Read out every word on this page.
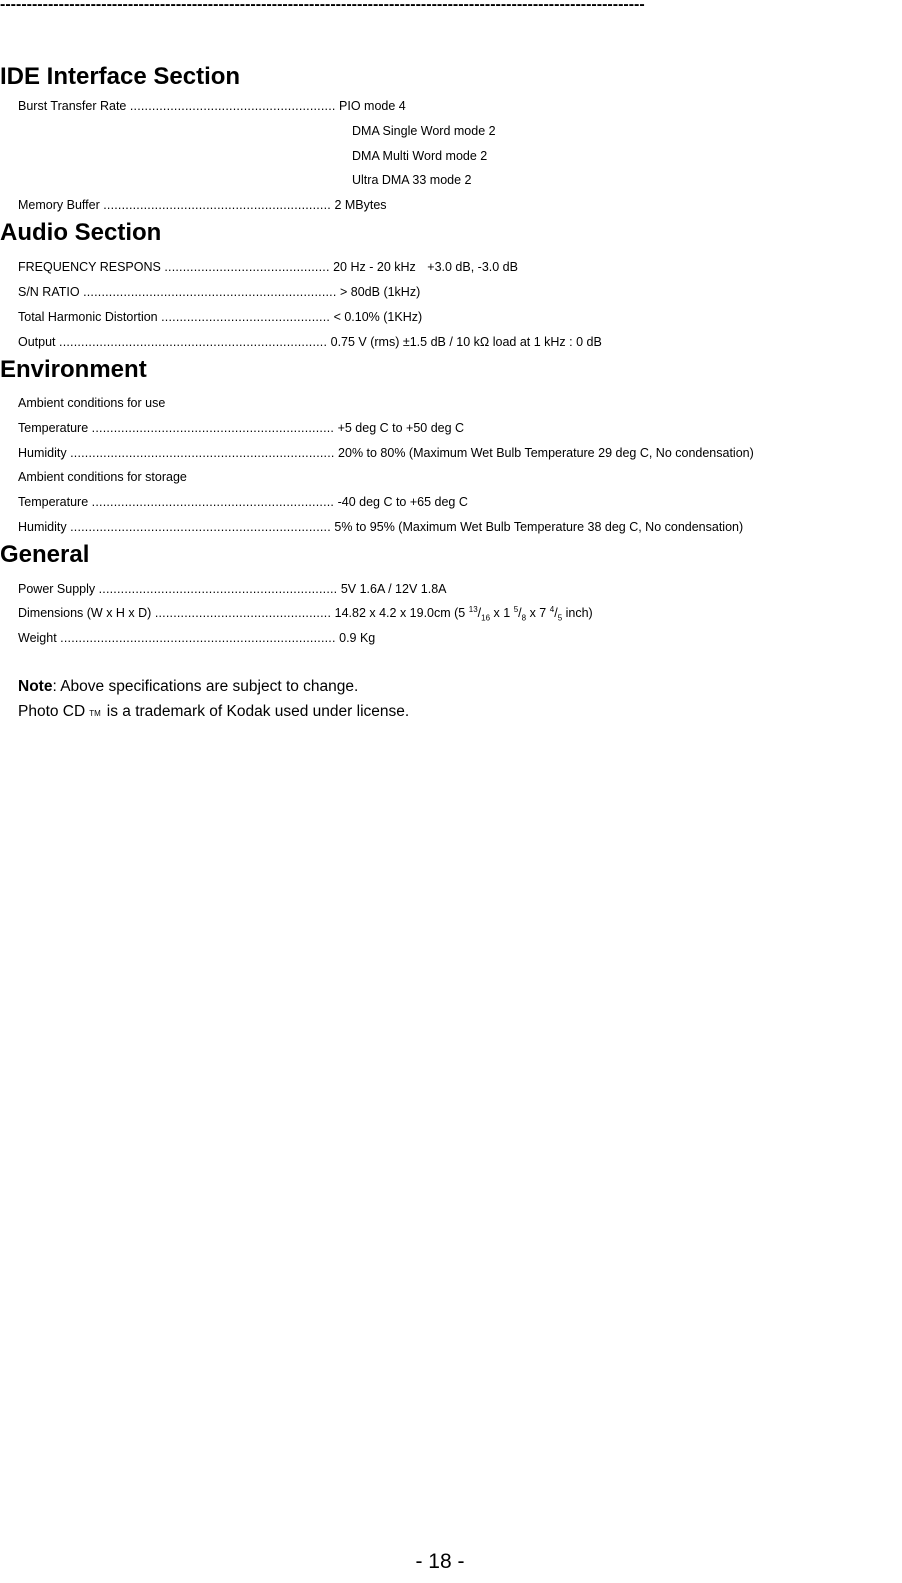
-------------------------------------------------------------------------------------------------------------------------
IDE Interface Section
Burst Transfer Rate ........................................................ PIO mode 4
DMA Single Word mode 2
DMA Multi Word mode 2
Ultra DMA 33 mode 2
Memory Buffer .............................................................. 2 MBytes
Audio Section
FREQUENCY RESPONS ............................................. 20 Hz - 20 kHz +3.0 dB, -3.0 dB
S/N RATIO ..................................................................... > 80dB (1kHz)
Total Harmonic Distortion .............................................. < 0.10% (1KHz)
Output ......................................................................... 0.75 V (rms) ±1.5 dB / 10 kΩ load at 1 kHz : 0 dB
Environment
Ambient conditions for use
Temperature .................................................................. +5 deg C to +50 deg C
Humidity ........................................................................ 20% to 80% (Maximum Wet Bulb Temperature 29 deg C, No condensation)
Ambient conditions for storage
Temperature .................................................................. -40 deg C to +65 deg C
Humidity ....................................................................... 5% to 95% (Maximum Wet Bulb Temperature 38 deg C, No condensation)
General
Power Supply ................................................................. 5V 1.6A / 12V 1.8A
Dimensions (W x H x D) ................................................ 14.82 x 4.2 x 19.0cm (5 $^{13}/_{16}$ x 1 $^5/_8$ x 7 $^4/_5$ inch)
Weight ........................................................................... 0.9 Kg
Note: Above specifications are subject to change.
Photo CD TM is a trademark of Kodak used under license.
- 18 -
